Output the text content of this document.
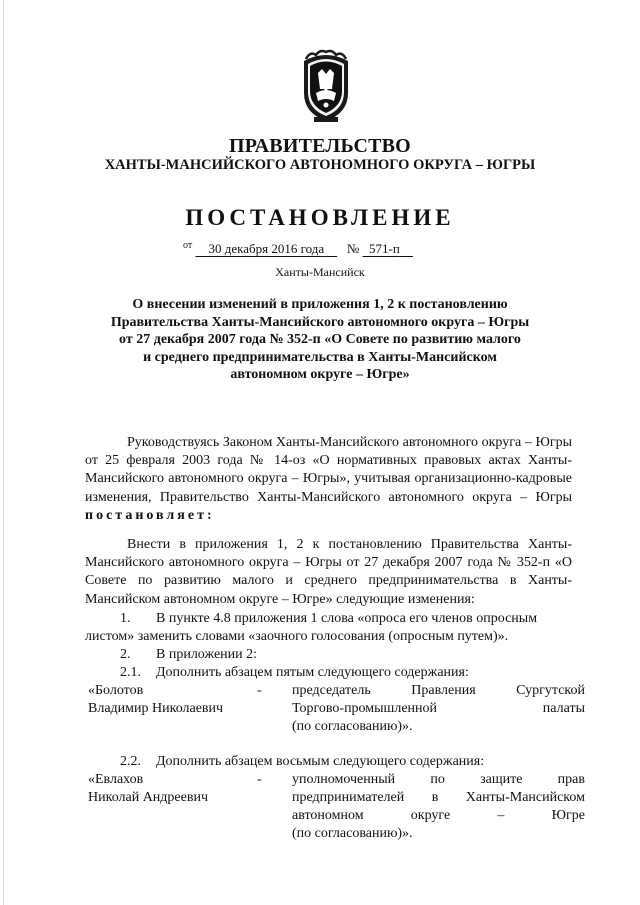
ПРАВИТЕЛЬСТВО
ХАНТЫ-МАНСИЙСКОГО АВТОНОМНОГО ОКРУГА – ЮГРЫ
ПОСТАНОВЛЕНИЕ
$^{от}$ 30 декабря 2016 года № 571-п
Ханты-Мансийск
О внесении изменений в приложения 1, 2 к постановлению
Правительства Ханты-Мансийского автономного округа – Югры
от 27 декабря 2007 года № 352-п «О Совете по развитию малого
и среднего предпринимательства в Ханты-Мансийском
автономном округе – Югре»
Руководствуясь Законом Ханты-Мансийского автономного округа – Югры от 25 февраля 2003 года № 14-оз «О нормативных правовых актах Ханты-Мансийского автономного округа – Югры», учитывая организационно-кадровые изменения, Правительство Ханты-Мансийского автономного округа – Югры постановляет:
Внести в приложения 1, 2 к постановлению Правительства Ханты-Мансийского автономного округа – Югры от 27 декабря 2007 года № 352-п «О Совете по развитию малого и среднего предпринимательства в Ханты-Мансийском автономном округе – Югре» следующие изменения:
1. В пункте 4.8 приложения 1 слова «опроса его членов опросным
листом» заменить словами «заочного голосования (опросным путем)».
2. В приложении 2:
2.1. Дополнить абзацем пятым следующего содержания:
«Болотов
Владимир Николаевич
- председатель Правления Сургутской
Торгово-промышленной палаты
(по согласованию)».
2.2. Дополнить абзацем восьмым следующего содержания:
«Евлахов
Николай Андреевич
- уполномоченный по защите прав
предпринимателей в Ханты-Мансийском
автономном округе – Югре
(по согласованию)».
